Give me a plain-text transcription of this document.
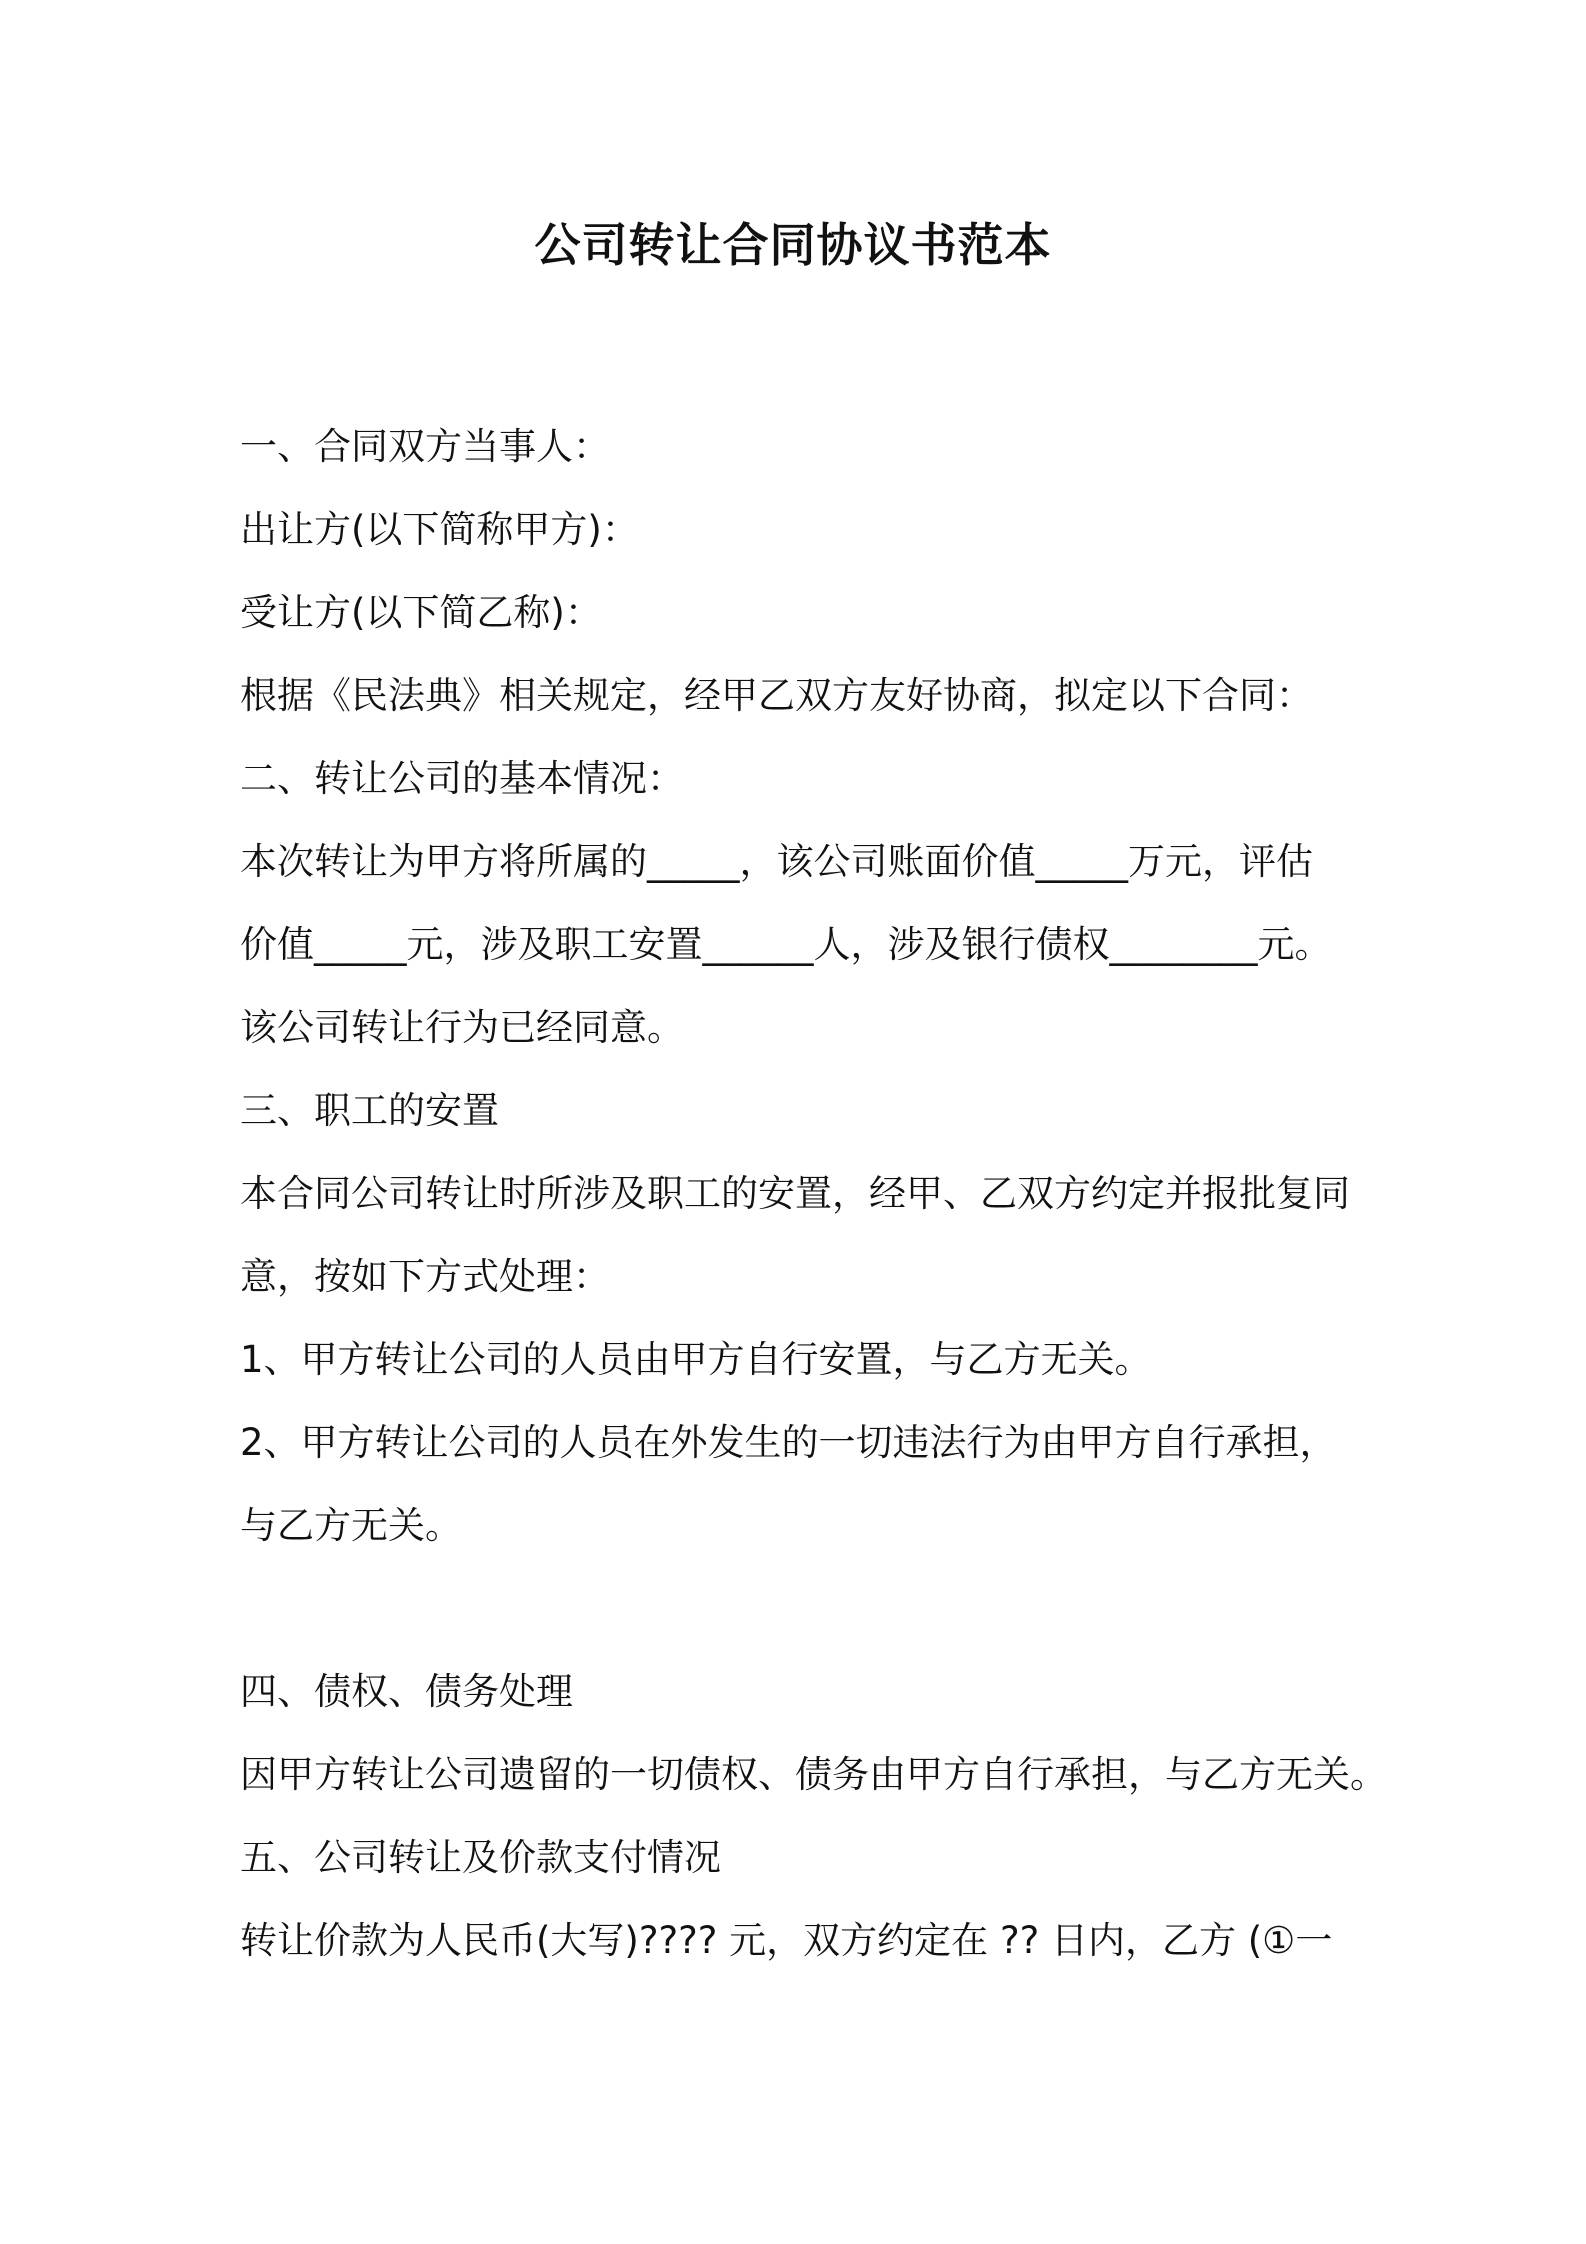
公司转让合同协议书范本
一、合同双方当事人：
出让方(以下简称甲方)：
受让方(以下简乙称)：
根据《民法典》相关规定，经甲乙双方友好协商，拟定以下合同：
二、转让公司的基本情况：
本次转让为甲方将所属的_____，该公司账面价值_____万元，评估
价值_____元，涉及职工安置______人，涉及银行债权________元。
该公司转让行为已经同意。
三、职工的安置
本合同公司转让时所涉及职工的安置，经甲、乙双方约定并报批复同
意，按如下方式处理：
1、甲方转让公司的人员由甲方自行安置，与乙方无关。
2、甲方转让公司的人员在外发生的一切违法行为由甲方自行承担，
与乙方无关。
四、债权、债务处理
因甲方转让公司遗留的一切债权、债务由甲方自行承担，与乙方无关。
五、公司转让及价款支付情况
转让价款为人民币(大写)???? 元，双方约定在 ?? 日内，乙方 (①一
